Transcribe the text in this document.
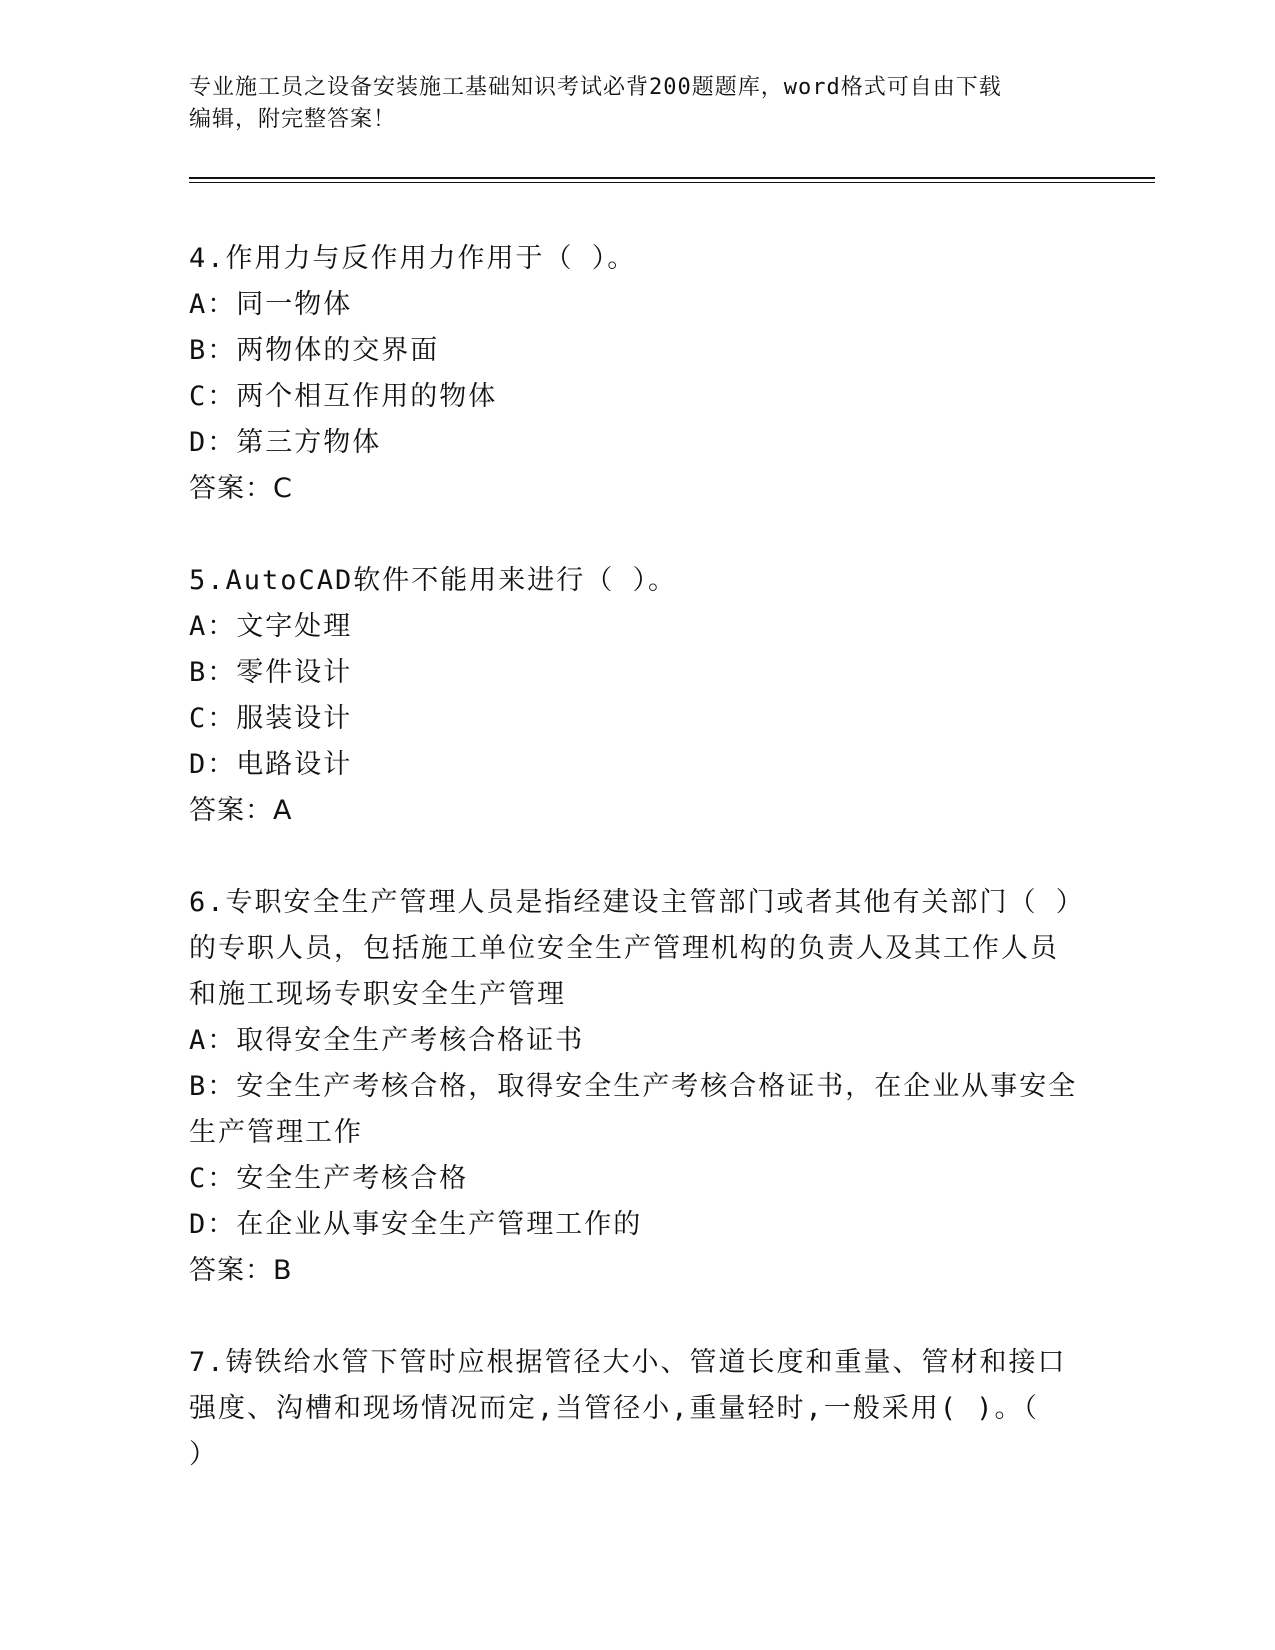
专业施工员之设备安装施工基础知识考试必背200题题库，word格式可自由下载
编辑，附完整答案！
4.作用力与反作用力作用于（ ）。
A：同一物体
B：两物体的交界面
C：两个相互作用的物体
D：第三方物体
答案：C
5.AutoCAD软件不能用来进行（ ）。
A：文字处理
B：零件设计
C：服装设计
D：电路设计
答案：A
6.专职安全生产管理人员是指经建设主管部门或者其他有关部门（ ）
的专职人员，包括施工单位安全生产管理机构的负责人及其工作人员
和施工现场专职安全生产管理
A：取得安全生产考核合格证书
B：安全生产考核合格，取得安全生产考核合格证书，在企业从事安全
生产管理工作
C：安全生产考核合格
D：在企业从事安全生产管理工作的
答案：B
7.铸铁给水管下管时应根据管径大小、管道长度和重量、管材和接口
强度、沟槽和现场情况而定,当管径小,重量轻时,一般采用( )。（
）
